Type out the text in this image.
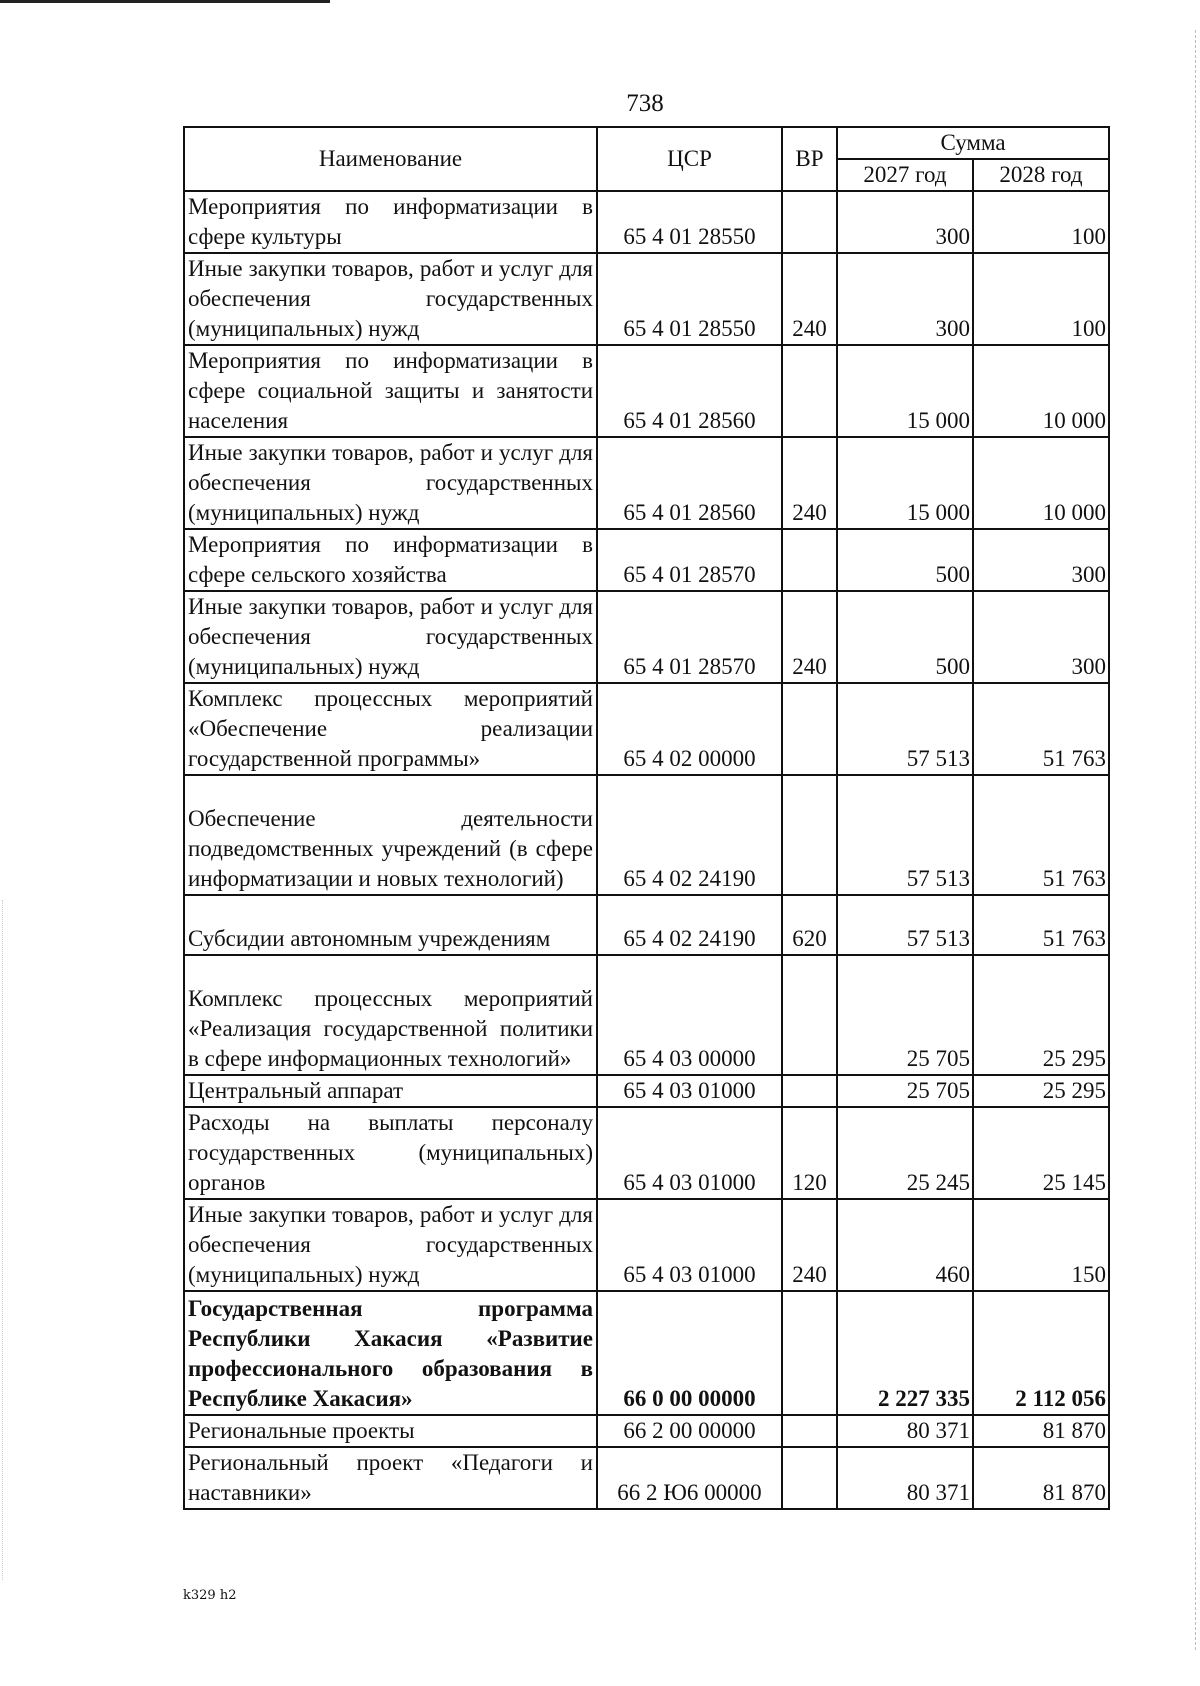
738
Наименование	ЦСР	ВР	Сумма	
			2027 год	2028 год
Мероприятия по информатизации в сфере культуры	65 4 01 28550		300	100
Иные закупки товаров, работ и услуг для обеспечения государственных (муниципальных) нужд	65 4 01 28550	240	300	100
Мероприятия по информатизации в сфере социальной защиты и занятости населения	65 4 01 28560		15 000	10 000
Иные закупки товаров, работ и услуг для обеспечения государственных (муниципальных) нужд	65 4 01 28560	240	15 000	10 000
Мероприятия по информатизации в сфере сельского хозяйства	65 4 01 28570		500	300
Иные закупки товаров, работ и услуг для обеспечения государственных (муниципальных) нужд	65 4 01 28570	240	500	300
Комплекс процессных мероприятий «Обеспечение реализации государственной программы»	65 4 02 00000		57 513	51 763
Обеспечение деятельности подведомственных учреждений (в сфере информатизации и новых технологий)	65 4 02 24190		57 513	51 763
Субсидии автономным учреждениям	65 4 02 24190	620	57 513	51 763
Комплекс процессных мероприятий «Реализация государственной политики в сфере информационных технологий»	65 4 03 00000		25 705	25 295
Центральный аппарат	65 4 03 01000		25 705	25 295
Расходы на выплаты персоналу государственных (муниципальных) органов	65 4 03 01000	120	25 245	25 145
Иные закупки товаров, работ и услуг для обеспечения государственных (муниципальных) нужд	65 4 03 01000	240	460	150
Государственная программа Республики Хакасия «Развитие профессионального образования в Республике Хакасия»	66 0 00 00000		2 227 335	2 112 056
Региональные проекты	66 2 00 00000		80 371	81 870
Региональный проект «Педагоги и наставники»	66 2 Ю6 00000		80 371	81 870
k329 h2
